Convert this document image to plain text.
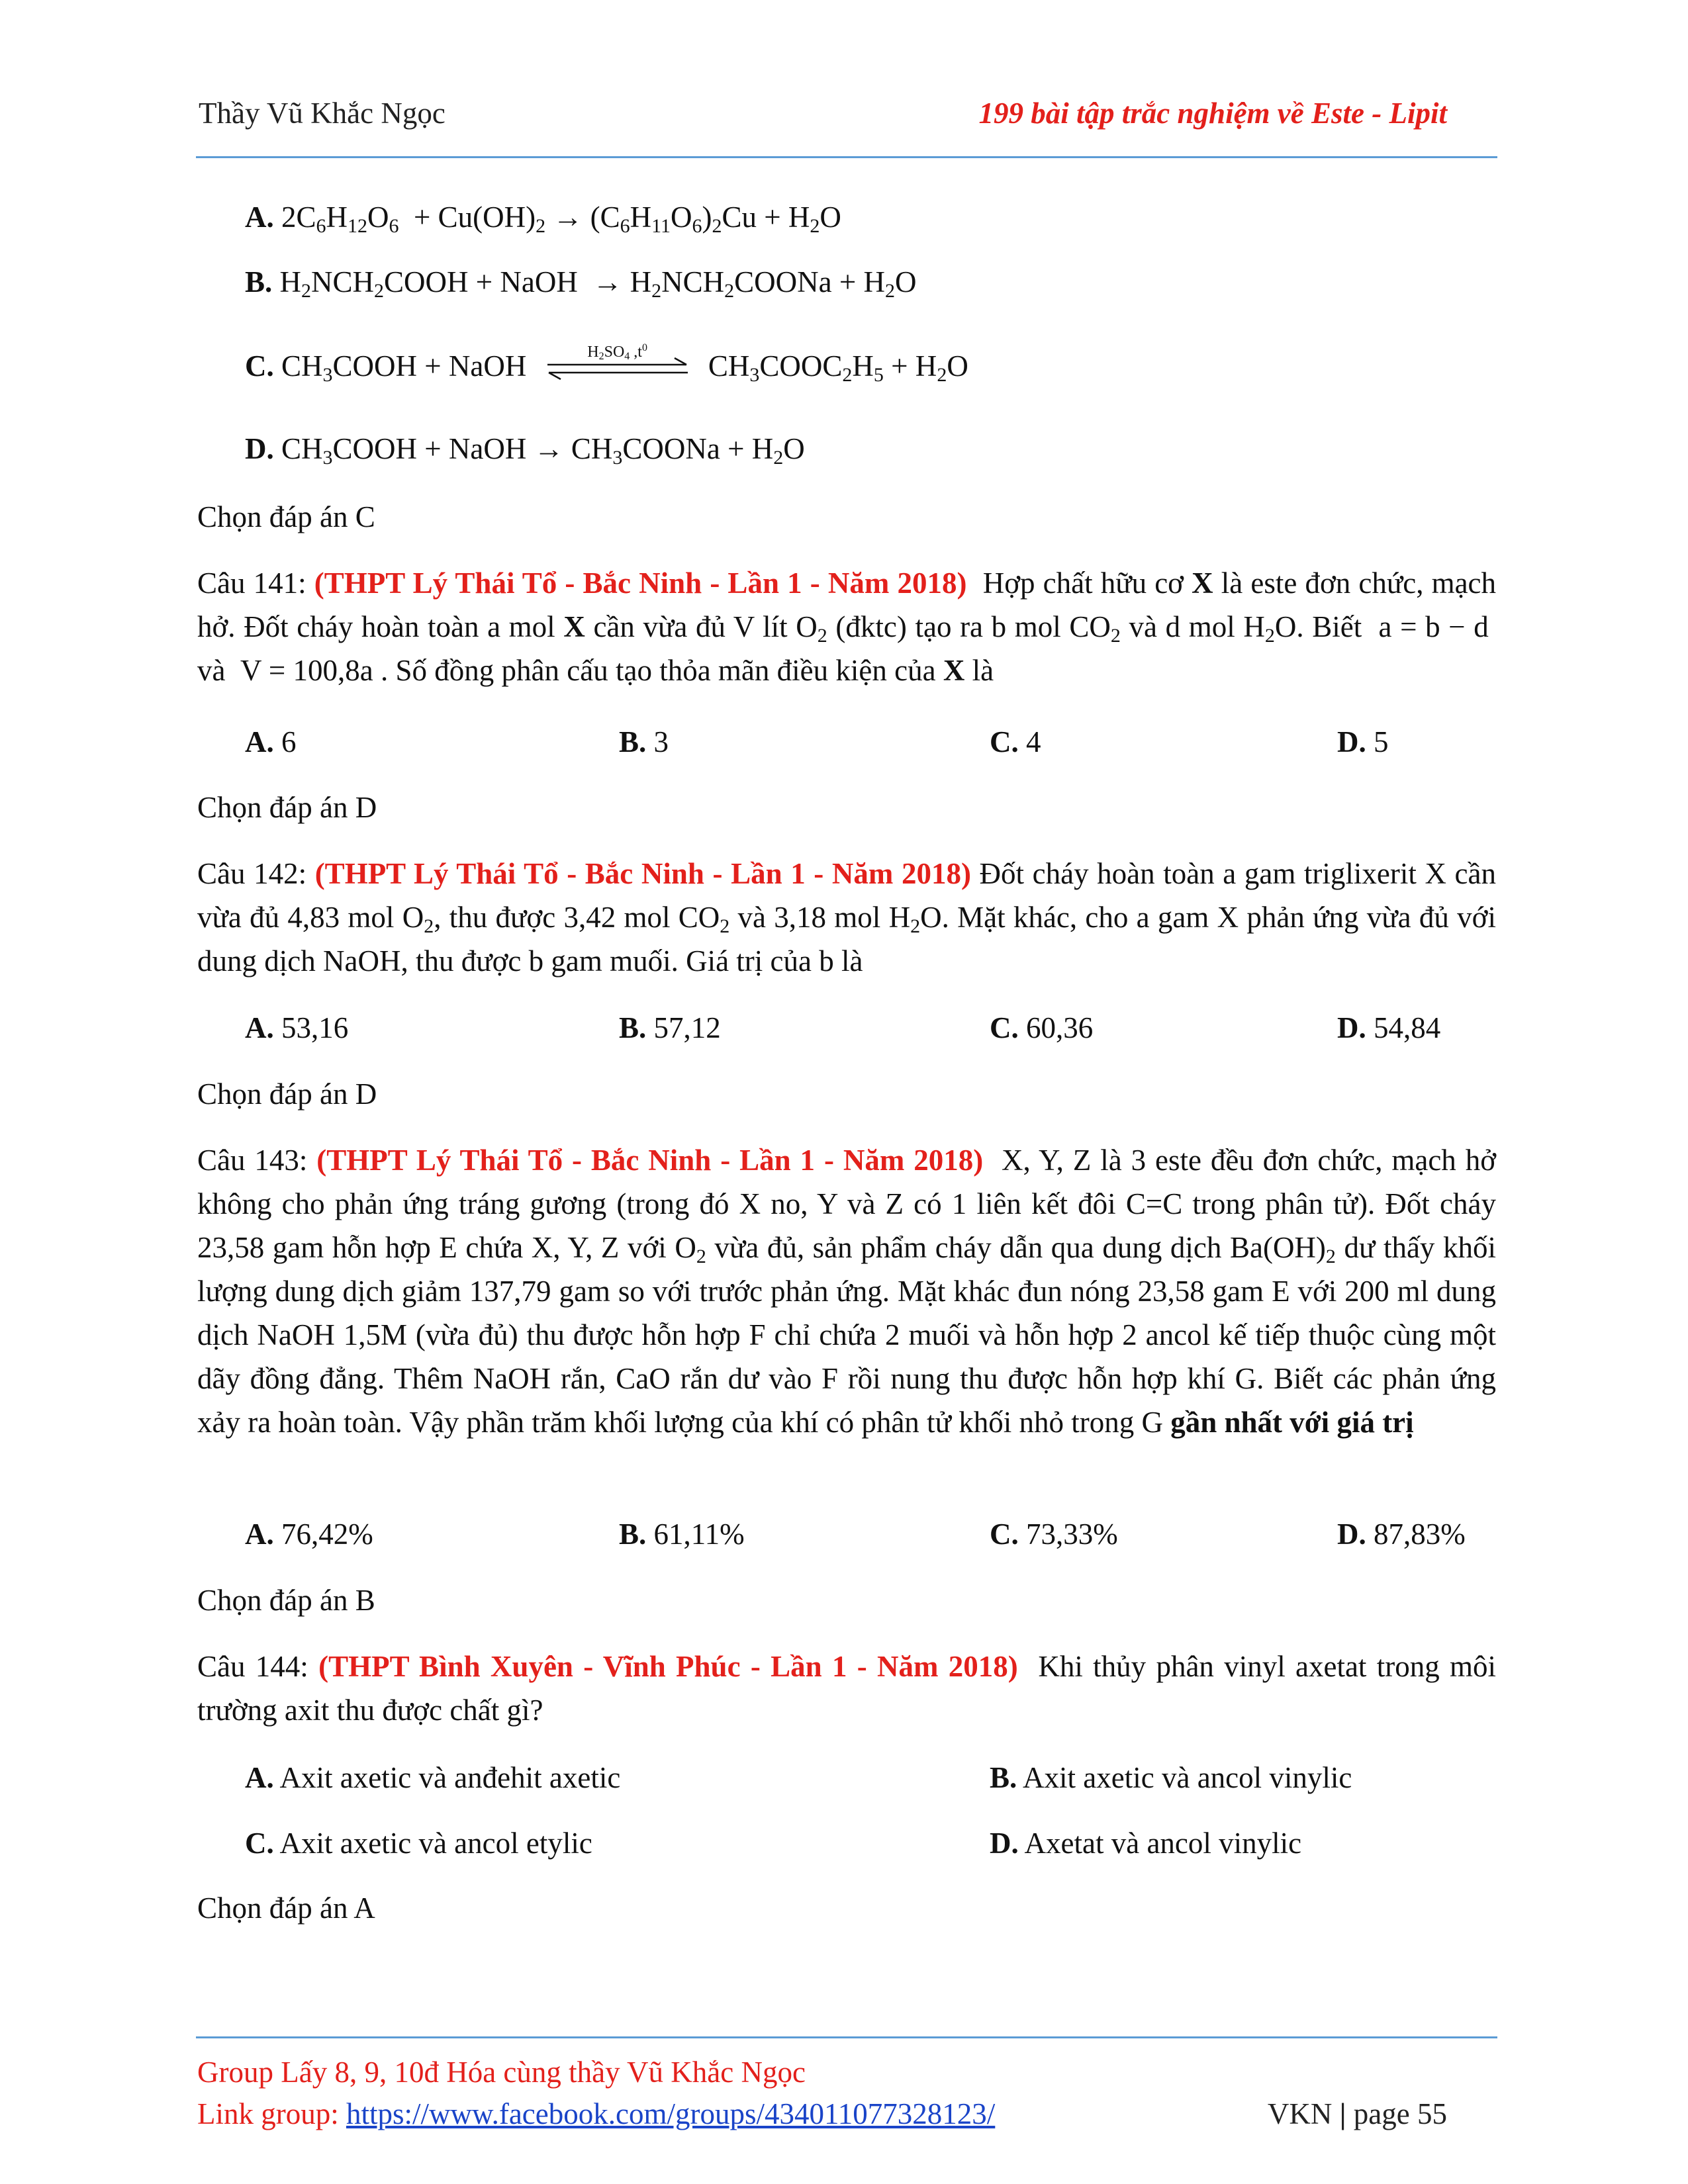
Thầy Vũ Khắc Ngọc	199 bài tập trắc nghiệm về Este - Lipit
A. $2C_6H_{12}O_6 + Cu(OH)_2 \to (C_6H_{11}O_6)_2Cu + H_2O$
B. $H_2NCH_2COOH$ + NaOH  → $H_2NCH_2COONa + H_2O$
C. $CH_3COOH$ + NaOH	$H_2SO_4$ $,t^0$
$CH_3COOC_2H_5 + H_2O$
D. $CH_3COOH$ + NaOH → $CH_3COONa + H_2O$
Chọn đáp án C
Câu 141: (THPT Lý Thái Tổ - Bắc Ninh - Lần 1 - Năm 2018) Hợp chất hữu cơ X là este đơn chức, mạch hở. Đốt cháy hoàn toàn a mol X cần vừa đủ V lít $O_2$ (đktc) tạo ra b mol $CO_2$ và d mol $H_2O$. Biết  a = b − d  và  V = 100,8a . Số đồng phân cấu tạo thỏa mãn điều kiện của X là
A. 6	B. 3	C. 4	D. 5
Chọn đáp án D
Câu 142: (THPT Lý Thái Tổ - Bắc Ninh - Lần 1 - Năm 2018) Đốt cháy hoàn toàn a gam triglixerit X cần vừa đủ 4,83 mol $O_2$, thu được 3,42 mol $CO_2$ và 3,18 mol $H_2O$. Mặt khác, cho a gam X phản ứng vừa đủ với dung dịch NaOH, thu được b gam muối. Giá trị của b là
A. 53,16	B. 57,12	C. 60,36	D. 54,84
Chọn đáp án D
Câu 143: (THPT Lý Thái Tổ - Bắc Ninh - Lần 1 - Năm 2018) X, Y, Z là 3 este đều đơn chức, mạch hở không cho phản ứng tráng gương (trong đó X no, Y và Z có 1 liên kết đôi C=C trong phân tử). Đốt cháy 23,58 gam hỗn hợp E chứa X, Y, Z với $O_2$ vừa đủ, sản phẩm cháy dẫn qua dung dịch $Ba(OH)_2$ dư thấy khối lượng dung dịch giảm 137,79 gam so với trước phản ứng. Mặt khác đun nóng 23,58 gam E với 200 ml dung dịch NaOH 1,5M (vừa đủ) thu được hỗn hợp F chỉ chứa 2 muối và hỗn hợp 2 ancol kế tiếp thuộc cùng một dãy đồng đẳng. Thêm NaOH rắn, CaO rắn dư vào F rồi nung thu được hỗn hợp khí G. Biết các phản ứng xảy ra hoàn toàn. Vậy phần trăm khối lượng của khí có phân tử khối nhỏ trong G gần nhất với giá trị
A. 76,42%	B. 61,11%	C. 73,33%	D. 87,83%
Chọn đáp án B
Câu 144: (THPT Bình Xuyên - Vĩnh Phúc - Lần 1 - Năm 2018) Khi thủy phân vinyl axetat trong môi trường axit thu được chất gì?
A. Axit axetic và anđehit axetic	B. Axit axetic và ancol vinylic
C. Axit axetic và ancol etylic	D. Axetat và ancol vinylic
Chọn đáp án A
Group Lấy 8, 9, 10đ Hóa cùng thầy Vũ Khắc Ngọc
Link group: https://www.facebook.com/groups/434011077328123/	VKN | page 55
